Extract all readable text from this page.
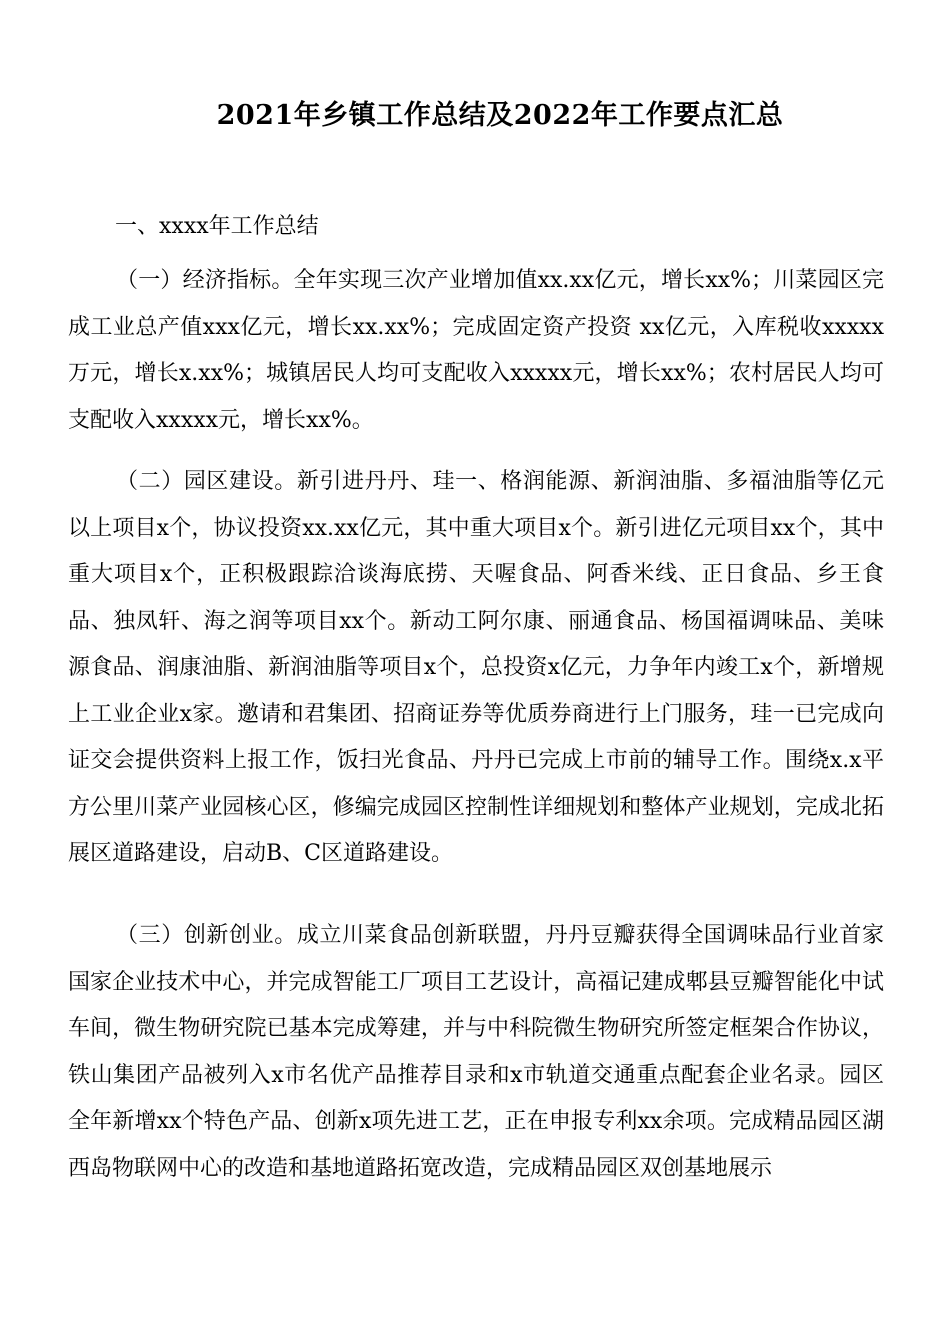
2021年乡镇工作总结及2022年工作要点汇总
一、xxxx年工作总结

（一）经济指标。全年实现三次产业增加值xx.xx亿元，增长xx%；川菜园区完成工业总产值xxx亿元，增长xx.xx%；完成固定资产投资 xx亿元，入库税收xxxxx万元，增长x.xx%；城镇居民人均可支配收入xxxxx元，增长xx%；农村居民人均可支配收入xxxxx元，增长xx%。

（二）园区建设。新引进丹丹、珪一、格润能源、新润油脂、多福油脂等亿元以上项目x个，协议投资xx.xx亿元，其中重大项目x个。新引进亿元项目xx个，其中重大项目x个，正积极跟踪洽谈海底捞、天喔食品、阿香米线、正日食品、乡王食品、独凤轩、海之润等项目xx个。新动工阿尔康、丽通食品、杨国福调味品、美味源食品、润康油脂、新润油脂等项目x个，总投资x亿元，力争年内竣工x个，新增规上工业企业x家。邀请和君集团、招商证券等优质券商进行上门服务，珪一已完成向证交会提供资料上报工作，饭扫光食品、丹丹已完成上市前的辅导工作。围绕x.x平方公里川菜产业园核心区，修编完成园区控制性详细规划和整体产业规划，完成北拓展区道路建设，启动B、C区道路建设。

（三）创新创业。成立川菜食品创新联盟，丹丹豆瓣获得全国调味品行业首家国家企业技术中心，并完成智能工厂项目工艺设计，高福记建成郫县豆瓣智能化中试车间，微生物研究院已基本完成筹建，并与中科院微生物研究所签定框架合作协议，铁山集团产品被列入x市名优产品推荐目录和x市轨道交通重点配套企业名录。园区全年新增xx个特色产品、创新x项先进工艺，正在申报专利xx余项。完成精品园区湖西岛物联网中心的改造和基地道路拓宽改造，完成精品园区双创基地展示
